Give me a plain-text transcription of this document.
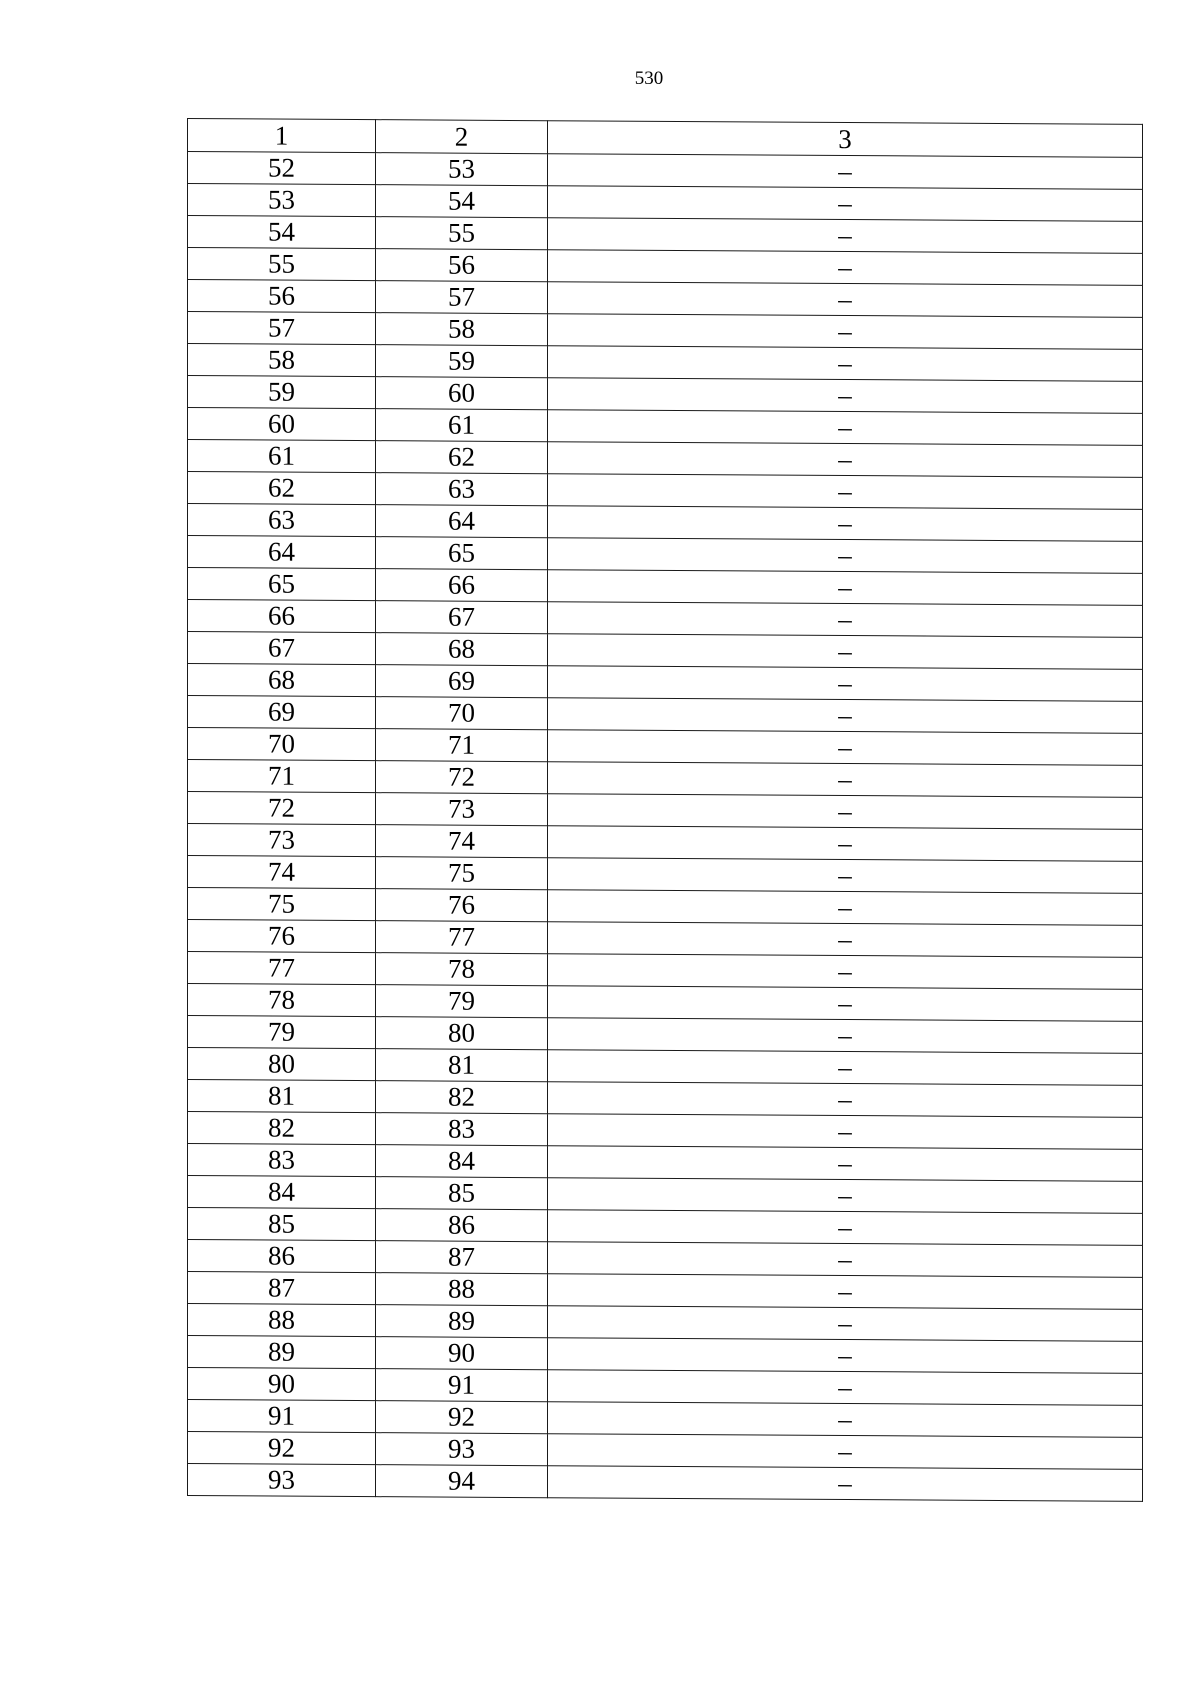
530
1	2	3
52	53	–
53	54	–
54	55	–
55	56	–
56	57	–
57	58	–
58	59	–
59	60	–
60	61	–
61	62	–
62	63	–
63	64	–
64	65	–
65	66	–
66	67	–
67	68	–
68	69	–
69	70	–
70	71	–
71	72	–
72	73	–
73	74	–
74	75	–
75	76	–
76	77	–
77	78	–
78	79	–
79	80	–
80	81	–
81	82	–
82	83	–
83	84	–
84	85	–
85	86	–
86	87	–
87	88	–
88	89	–
89	90	–
90	91	–
91	92	–
92	93	–
93	94	–
